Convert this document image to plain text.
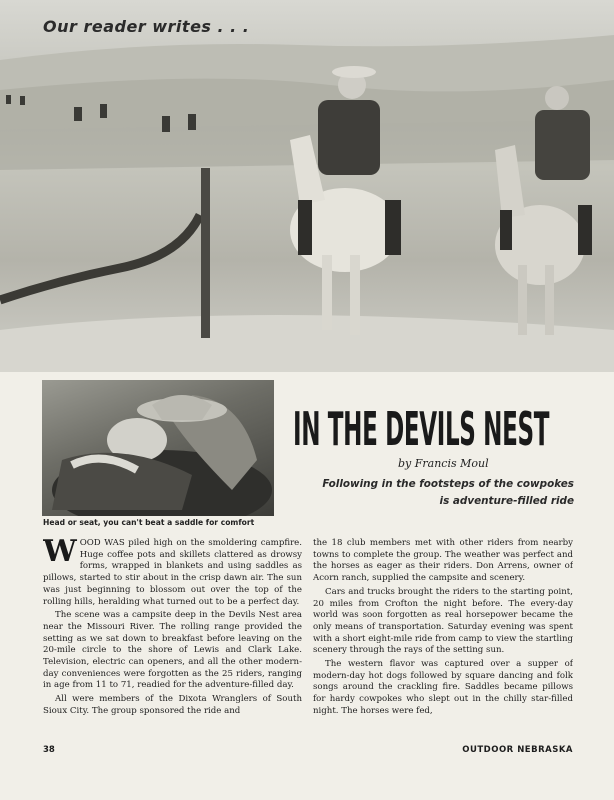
Our reader writes . . .
Head or seat, you can't beat a saddle for comfort
IN THE DEVILS NEST
by Francis Moul
Following in the footsteps of the cowpokes is adventure-filled ride

WOOD WAS piled high on the smoldering campfire. Huge coffee pots and skillets clattered as drowsy forms, wrapped in blankets and using saddles as pillows, started to stir about in the crisp dawn air. The sun was just beginning to blossom out over the top of the rolling hills, heralding what turned out to be a perfect day.

The scene was a campsite deep in the Devils Nest area near the Missouri River. The rolling range provided the setting as we sat down to breakfast before leaving on the 20-mile circle to the shore of Lewis and Clark Lake. Television, electric can openers, and all the other modern-day conveniences were forgotten as the 25 riders, ranging in age from 11 to 71, readied for the adventure-filled day.

All were members of the Dixota Wranglers of South Sioux City. The group sponsored the ride and

the 18 club members met with other riders from nearby towns to complete the group. The weather was perfect and the horses as eager as their riders. Don Arrens, owner of Acorn ranch, supplied the campsite and scenery.

Cars and trucks brought the riders to the starting point, 20 miles from Crofton the night before. The every-day world was soon forgotten as real horsepower became the only means of transportation. Saturday evening was spent with a short eight-mile ride from camp to view the startling scenery through the rays of the setting sun.

The western flavor was captured over a supper of modern-day hot dogs followed by square dancing and folk songs around the crackling fire. Saddles became pillows for hardy cowpokes who slept out in the chilly star-filled night. The horses were fed,

38	OUTDOOR NEBRASKA
